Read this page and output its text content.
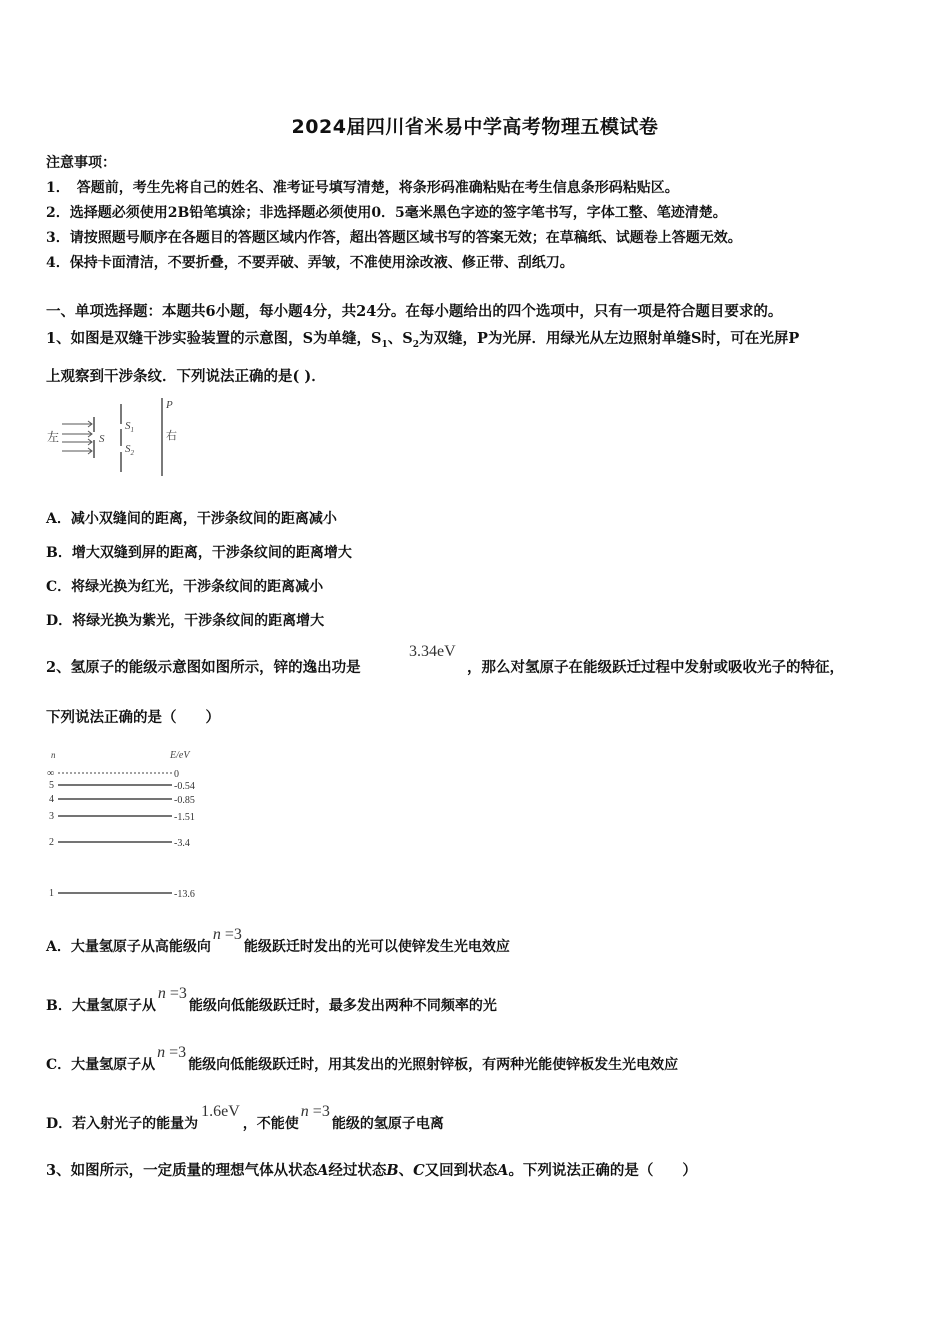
2024届四川省米易中学高考物理五模试卷
注意事项：
1．　答题前，考生先将自己的姓名、准考证号填写清楚，将条形码准确粘贴在考生信息条形码粘贴区。
2．选择题必须使用2B铅笔填涂；非选择题必须使用0．5毫米黑色字迹的签字笔书写，字体工整、笔迹清楚。
3．请按照题号顺序在各题目的答题区域内作答，超出答题区域书写的答案无效；在草稿纸、试题卷上答题无效。
4．保持卡面清洁，不要折叠，不要弄破、弄皱，不准使用涂改液、修正带、刮纸刀。
一、单项选择题：本题共6小题，每小题4分，共24分。在每小题给出的四个选项中，只有一项是符合题目要求的。
1、如图是双缝干涉实验装置的示意图，S为单缝，$S_1$、$S_2$为双缝，P为光屏．用绿光从左边照射单缝S时，可在光屏P
上观察到干涉条纹．下列说法正确的是( )．
左	S
$S_1$
$S_2$
P
右
A．减小双缝间的距离，干涉条纹间的距离减小
B．增大双缝到屏的距离，干涉条纹间的距离增大
C．将绿光换为红光，干涉条纹间的距离减小
D．将绿光换为紫光，干涉条纹间的距离增大
2、氢原子的能级示意图如图所示，锌的逸出功是
3.34eV
，那么对氢原子在能级跃迁过程中发射或吸收光子的特征，
下列说法正确的是（　　）
n	E/eV
∞	0
5	-0.54
4	-0.85
3	-1.51
2	-3.4
1	-13.6
A．大量氢原子从高能级向n =3能级跃迁时发出的光可以使锌发生光电效应
B．大量氢原子从n =3能级向低能级跃迁时，最多发出两种不同频率的光
C．大量氢原子从n =3能级向低能级跃迁时，用其发出的光照射锌板，有两种光能使锌板发生光电效应
D．若入射光子的能量为1.6eV，不能使n =3能级的氢原子电离
3、如图所示，一定质量的理想气体从状态A经过状态B、C又回到状态A。下列说法正确的是（　　）
